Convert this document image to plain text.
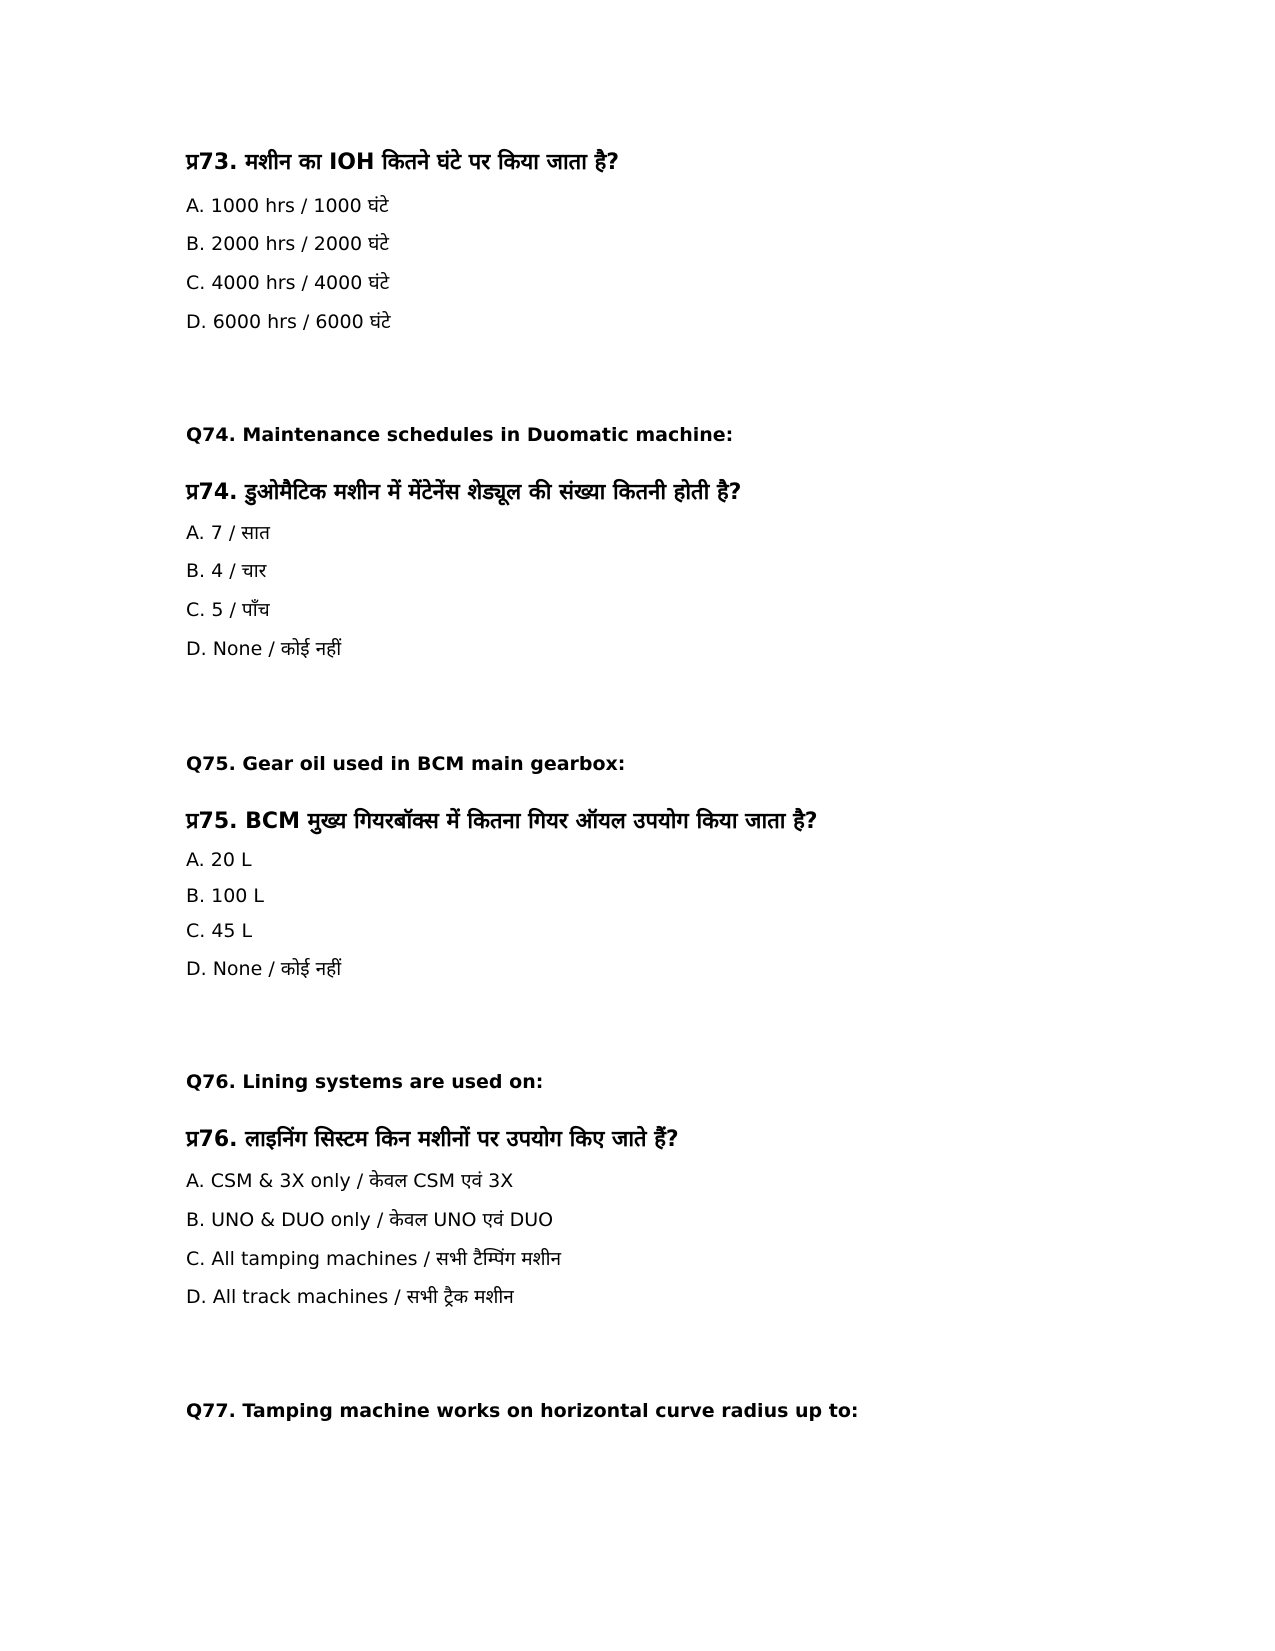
प्र73. मशीन का IOH कितने घंटे पर किया जाता है?
A. 1000 hrs / 1000 घंटे
B. 2000 hrs / 2000 घंटे
C. 4000 hrs / 4000 घंटे
D. 6000 hrs / 6000 घंटे
Q74. Maintenance schedules in Duomatic machine:
प्र74. डुओमैटिक मशीन में मेंटेनेंस शेड्यूल की संख्या कितनी होती है?
A. 7 / सात
B. 4 / चार
C. 5 / पाँच
D. None / कोई नहीं
Q75. Gear oil used in BCM main gearbox:
प्र75. BCM मुख्य गियरबॉक्स में कितना गियर ऑयल उपयोग किया जाता है?
A. 20 L
B. 100 L
C. 45 L
D. None / कोई नहीं
Q76. Lining systems are used on:
प्र76. लाइनिंग सिस्टम किन मशीनों पर उपयोग किए जाते हैं?
A. CSM & 3X only / केवल CSM एवं 3X
B. UNO & DUO only / केवल UNO एवं DUO
C. All tamping machines / सभी टैम्पिंग मशीन
D. All track machines / सभी ट्रैक मशीन
Q77. Tamping machine works on horizontal curve radius up to:
